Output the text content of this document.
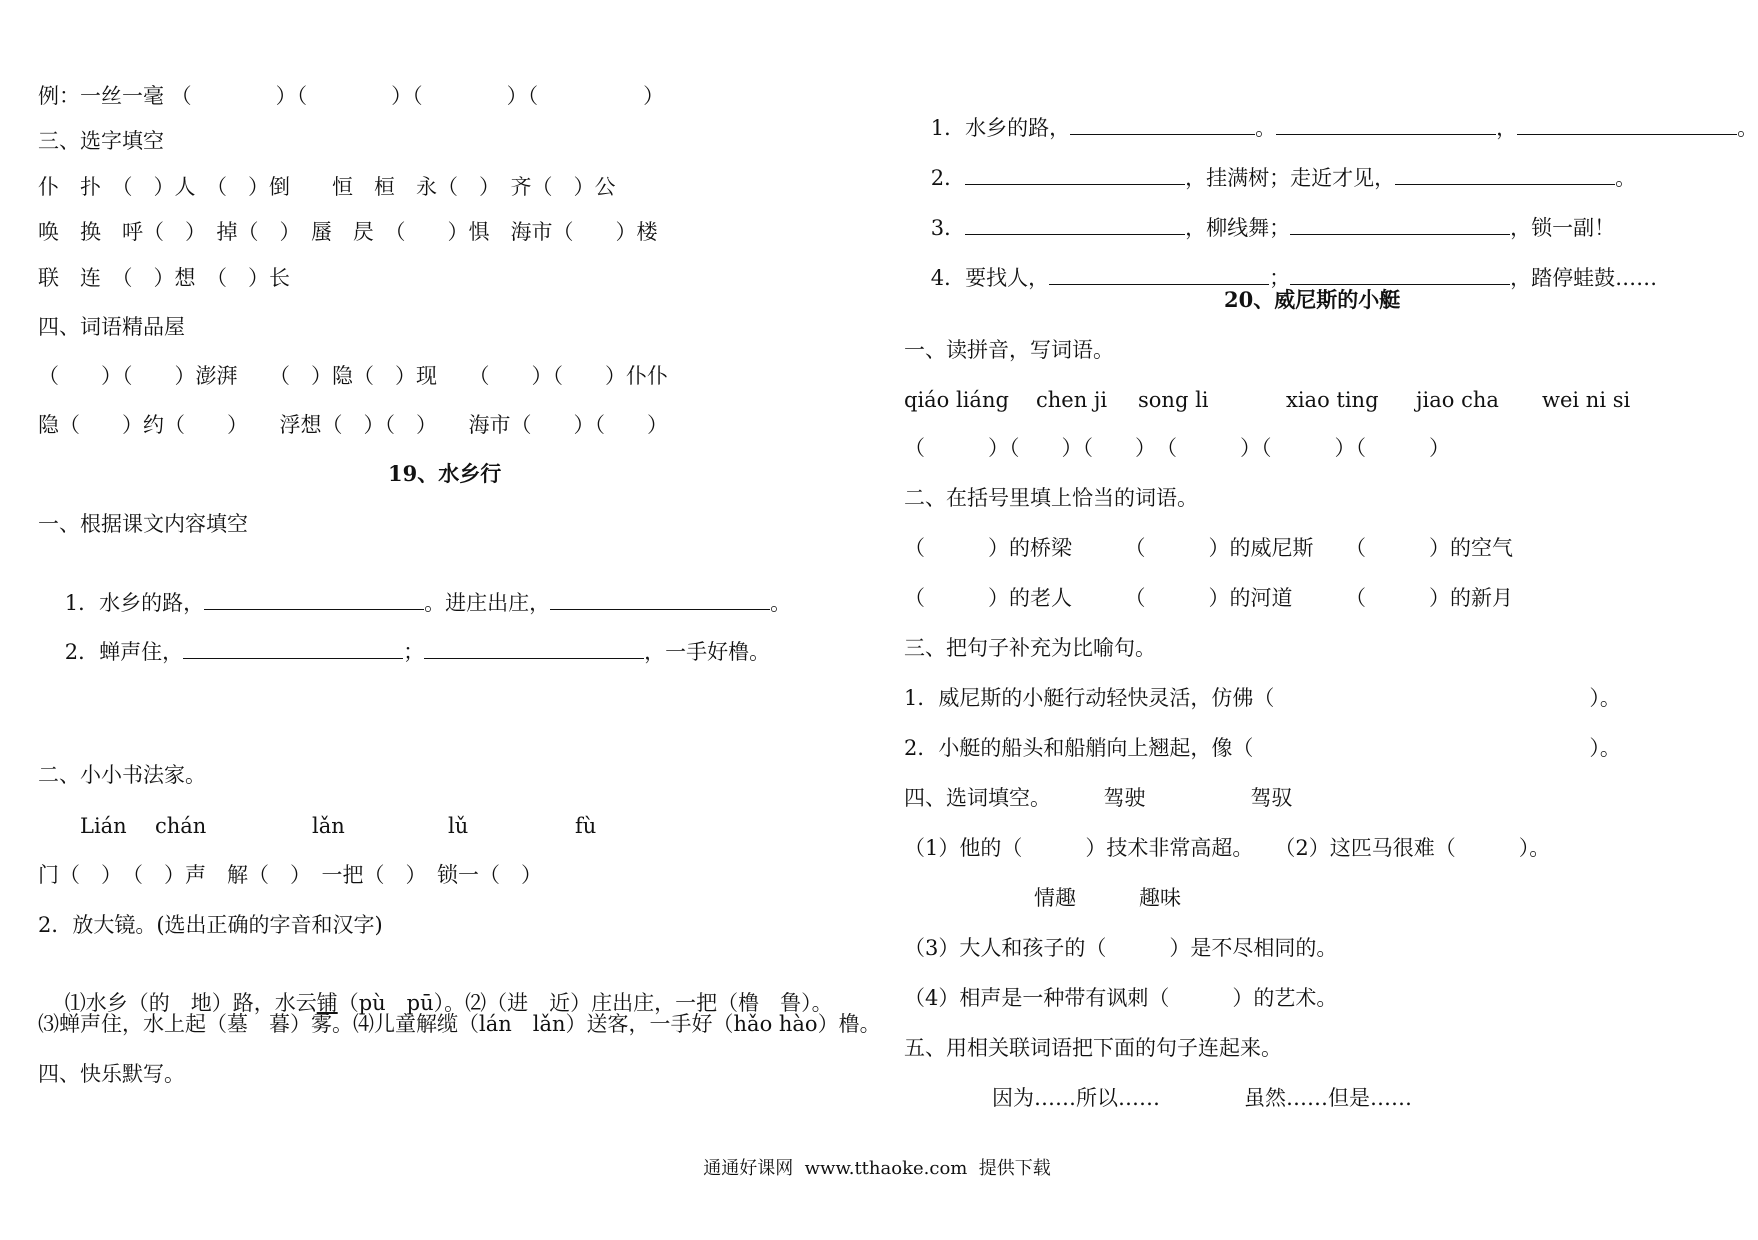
例：一丝一毫 （　　　　）（　　　　）（　　　　）（　　　　　）
三、选字填空
仆　扑　（　）人　（　）倒　　恒　桓　永（　）　齐（　）公
唤　换　呼（　）　掉（　）　蜃　昃　（　　）惧　海市（　　）楼
联　连　（　）想　（　）长
四、词语精品屋
（　　）（　　）澎湃　　（　）隐（　）现　　（　　）（　　）仆仆
隐（　　）约（　　）　　浮想（　）（　）　　海市（　　）（　　）
19、水乡行
一、根据课文内容填空

1．水乡的路，	。进庄出庄，	。

2．蝉声住，	；	，一手好橹。

二、小小书法家。
Lián chán	lǎn	lǔ	fù
门（　）　（　）声　解（　）　一把（　）　锁一（　）
2．放大镜。(选出正确的字音和汉字)

⑴水乡（的　地）路，水云铺（pù　pū）。⑵（进　近）庄出庄，一把（橹　鲁）。

⑶蝉声住，水上起（墓　暮）雾。⑷儿童解缆（lán　lǎn）送客，一手好（hǎo hào）橹。
四、快乐默写。

1．水乡的路，	。	，	。

2．	，挂满树；走近才见，	。

3．	，柳线舞；	，锁一副！

4．要找人，	；	，踏停蛙鼓……

20、威尼斯的小艇
一、读拼音，写词语。
qiáo liáng chen ji song li	xiao ting jiao cha wei ni si
（　　　）（　　）（　　）　（　　　）（　　　）（　　　）
二、在括号里填上恰当的词语。
（　　　）的桥梁　　　（　　　）的威尼斯　　（　　　）的空气
（　　　）的老人　　　（　　　）的河道　　　（　　　）的新月
三、把句子补充为比喻句。
1．威尼斯的小艇行动轻快灵活，仿佛（　　　　　　　　　　　　　　　）。
2．小艇的船头和船艄向上翘起，像（　　　　　　　　　　　　　　　　）。
四、选词填空。　　　驾驶　　　　　驾驭
（1）他的（　　　）技术非常高超。　　（2）这匹马很难（　　　）。
情趣　　　趣味
（3）大人和孩子的（　　　）是不尽相同的。
（4）相声是一种带有讽刺（　　　）的艺术。
五、用相关联词语把下面的句子连起来。
因为……所以……　　　　虽然……但是……
通通好课网  www.tthaoke.com  提供下载
